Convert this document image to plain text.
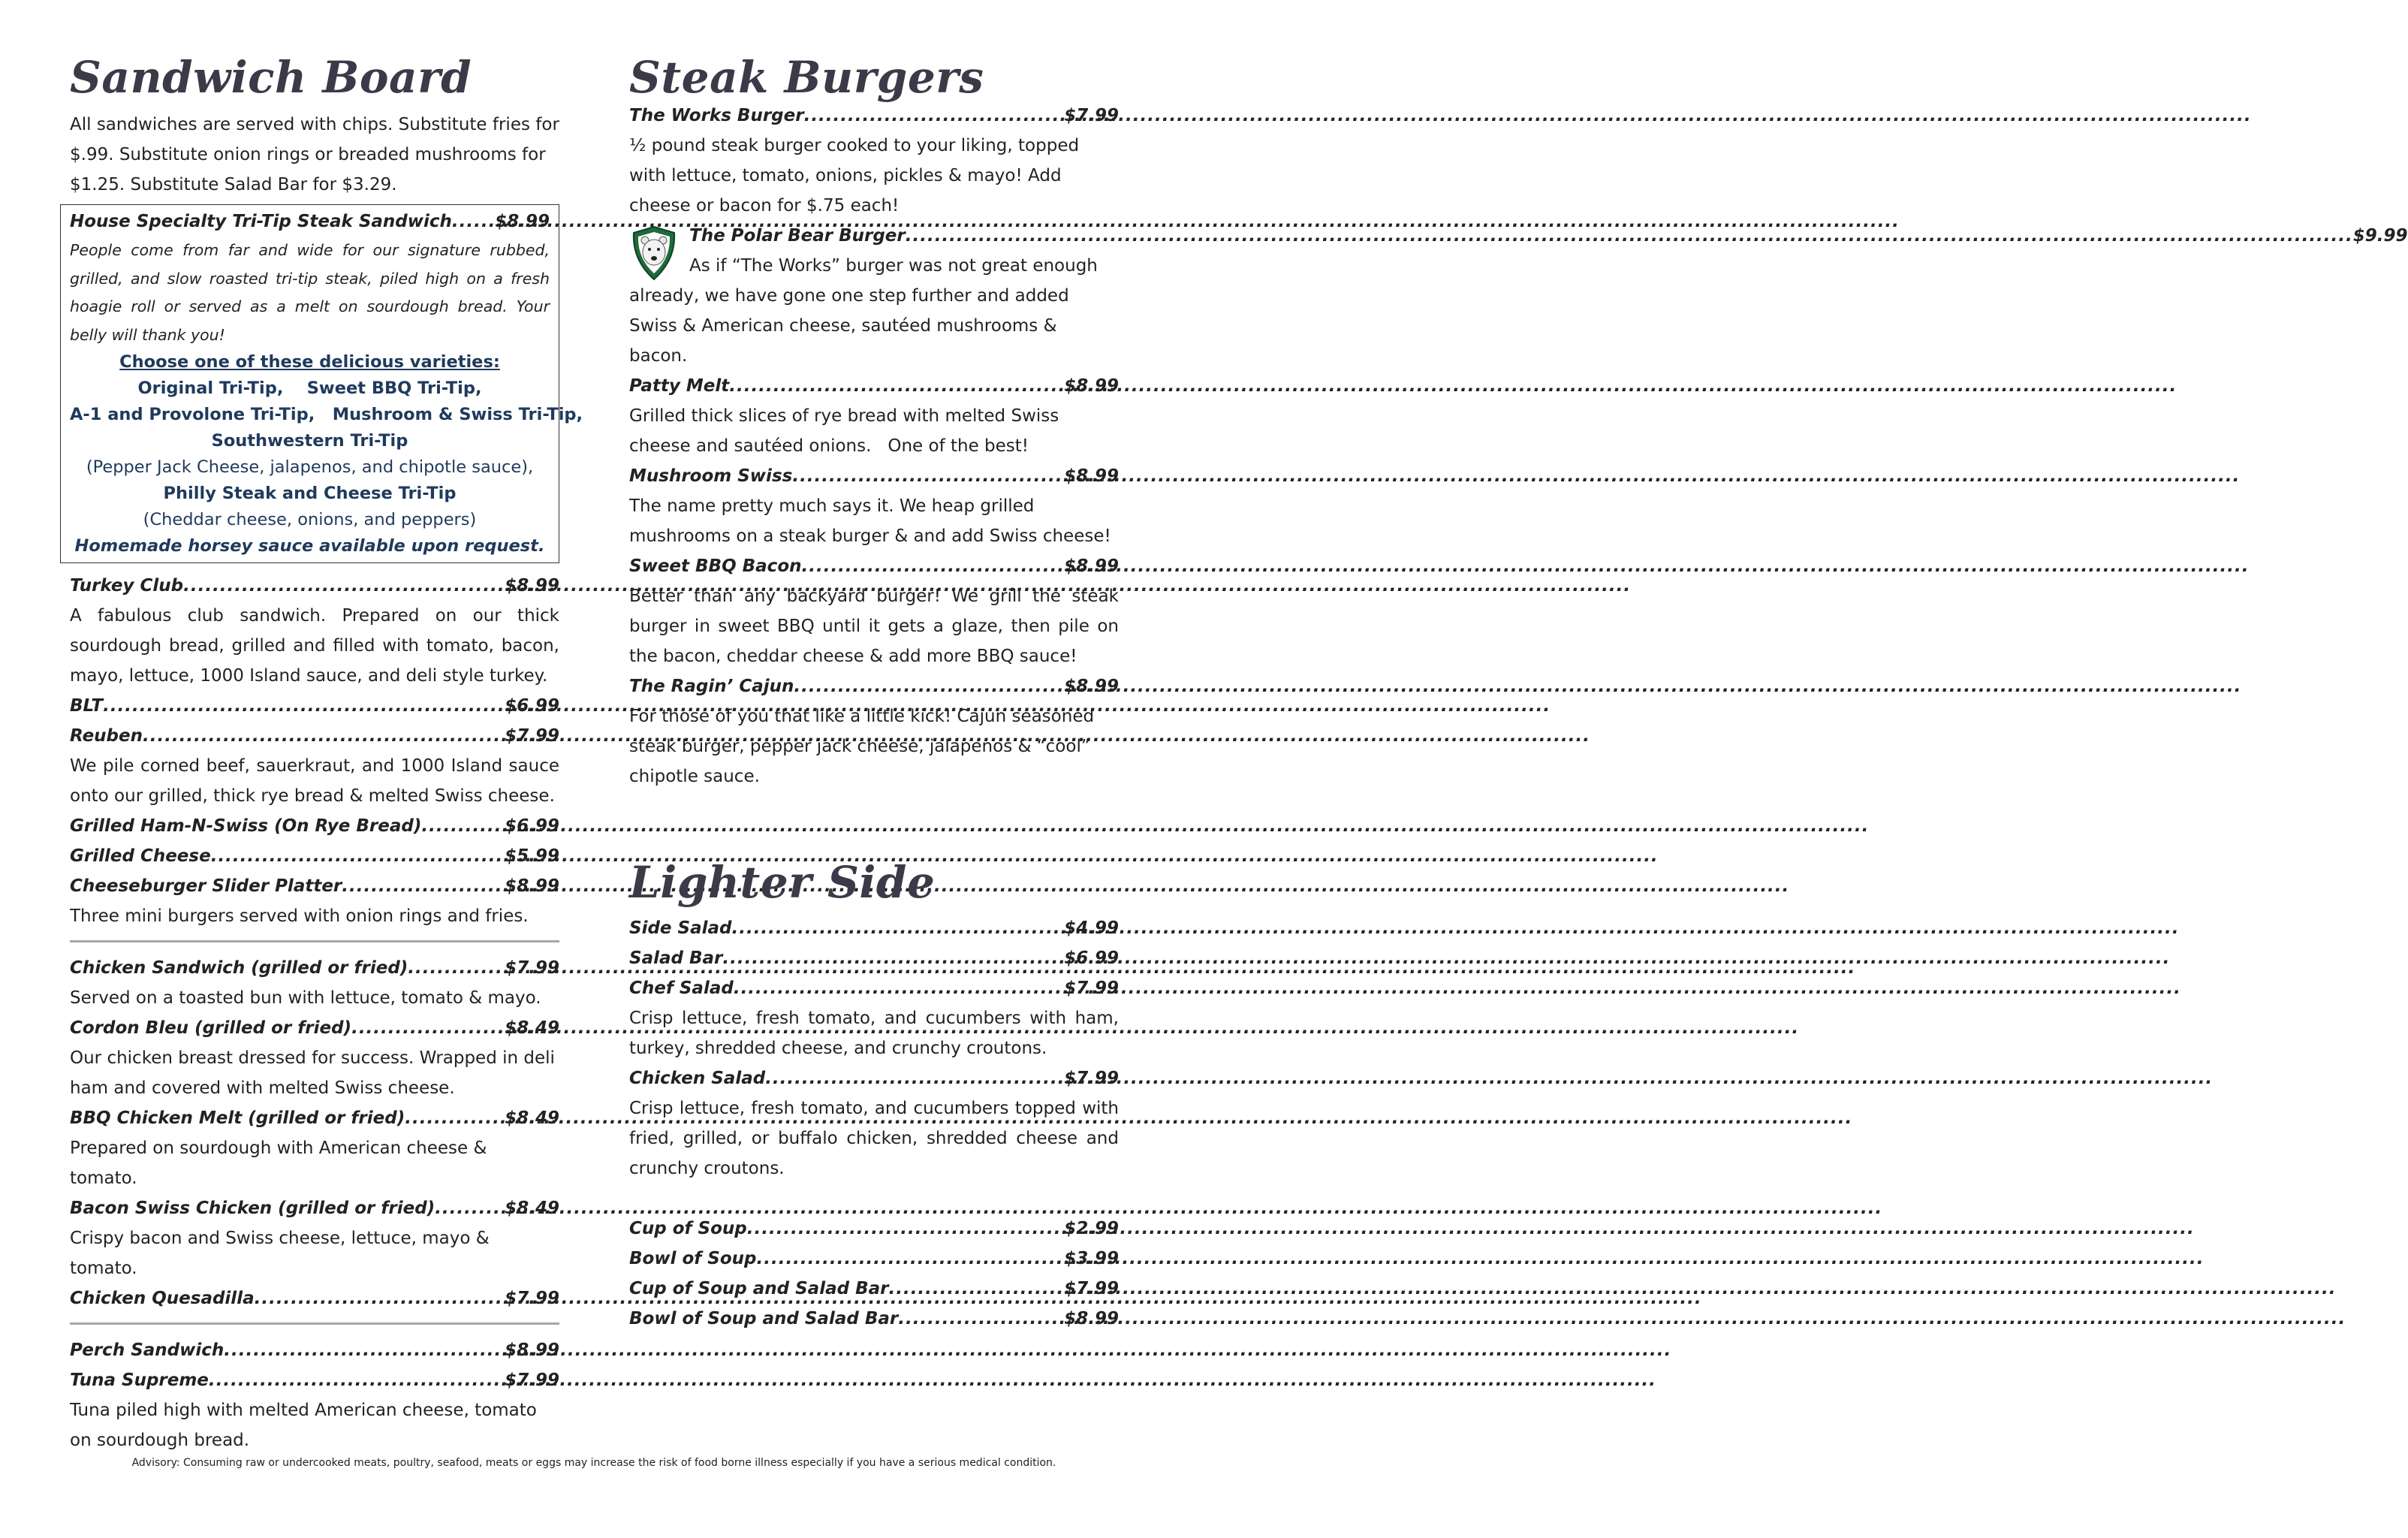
Sandwich Board
All sandwiches are served with chips. Substitute fries for $.99. Substitute onion rings or breaded mushrooms for $1.25. Substitute Salad Bar for $3.29.
House Specialty Tri-Tip Steak Sandwich ..... $8.99
People come from far and wide for our signature rubbed, grilled, and slow roasted tri-tip steak, piled high on a fresh hoagie roll or served as a melt on sourdough bread. Your belly will thank you!
Choose one of these delicious varieties:
Original Tri-Tip,    Sweet BBQ Tri-Tip,
A-1 and Provolone Tri-Tip,   Mushroom & Swiss Tri-Tip,
Southwestern Tri-Tip
(Pepper Jack Cheese, jalapenos, and chipotle sauce),
Philly Steak and Cheese Tri-Tip
(Cheddar cheese, onions, and peppers)
Homemade horsey sauce available upon request.
Turkey Club .....	$8.99
A fabulous club sandwich. Prepared on our thick sourdough bread, grilled and filled with tomato, bacon, mayo, lettuce, 1000 Island sauce, and deli style turkey.
BLT .....	$6.99
Reuben .....	$7.99
We pile corned beef, sauerkraut, and 1000 Island sauce onto our grilled, thick rye bread & melted Swiss cheese.
Grilled Ham-N-Swiss (On Rye Bread) .....	$6.99
Grilled Cheese .....	$5.99
Cheeseburger Slider Platter .....	$8.99
Three mini burgers served with onion rings and fries.
Chicken Sandwich (grilled or fried) .....	$7.99
Served on a toasted bun with lettuce, tomato & mayo.
Cordon Bleu (grilled or fried) .....	$8.49
Our chicken breast dressed for success. Wrapped in deli ham and covered with melted Swiss cheese.
BBQ Chicken Melt (grilled or fried) .....	$8.49
Prepared on sourdough with American cheese & tomato.
Bacon Swiss Chicken (grilled or fried) .....	$8.49
Crispy bacon and Swiss cheese, lettuce, mayo & tomato.
Chicken Quesadilla .....	$7.99
Perch Sandwich .....	$8.99
Tuna Supreme .....	$7.99
Tuna piled high with melted American cheese, tomato on sourdough bread.
Steak Burgers
The Works Burger .....	$7.99
½ pound steak burger cooked to your liking, topped with lettuce, tomato, onions, pickles & mayo! Add cheese or bacon for $.75 each!
The Polar Bear Burger .....	$9.99
As if “The Works” burger was not great enough
already, we have gone one step further and added Swiss & American cheese, sautéed mushrooms & bacon.
Patty Melt .....	$8.99
Grilled thick slices of rye bread with melted Swiss cheese and sautéed onions.   One of the best!
Mushroom Swiss .....	$8.99
The name pretty much says it. We heap grilled mushrooms on a steak burger & and add Swiss cheese!
Sweet BBQ Bacon .....	$8.99
Better than any backyard burger! We grill the steak burger in sweet BBQ until it gets a glaze, then pile on the bacon, cheddar cheese & add more BBQ sauce!
The Ragin’ Cajun .....	$8.99
For those of you that like a little kick! Cajun seasoned steak burger, pepper jack cheese, jalapenos & “cool” chipotle sauce.
Lighter Side
Side Salad .....	$4.99
Salad Bar .....	$6.99
Chef Salad .....	$7.99
Crisp lettuce, fresh tomato, and cucumbers with ham, turkey, shredded cheese, and crunchy croutons.
Chicken Salad .....	$7.99
Crisp lettuce, fresh tomato, and cucumbers topped with fried, grilled, or buffalo chicken, shredded cheese and crunchy croutons.
Cup of Soup .....	$2.99
Bowl of Soup .....	$3.99
Cup of Soup and Salad Bar .....	$7.99
Bowl of Soup and Salad Bar .....	$8.99
Advisory: Consuming raw or undercooked meats, poultry, seafood, meats or eggs may increase the risk of food borne illness especially if you have a serious medical condition.
